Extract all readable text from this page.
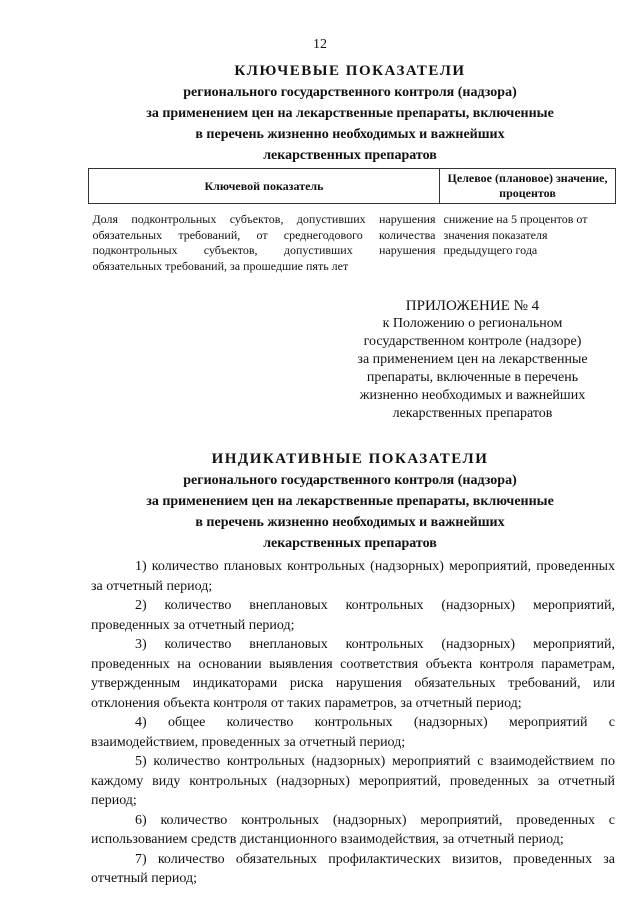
12
КЛЮЧЕВЫЕ ПОКАЗАТЕЛИ
регионального государственного контроля (надзора)
за применением цен на лекарственные препараты, включенные
в перечень жизненно необходимых и важнейших
лекарственных препаратов
Ключевой показатель	Целевое (плановое) значение, процентов
Доля подконтрольных субъектов, допустивших нарушения обязательных требований, от среднегодового количества подконтрольных субъектов, допустивших нарушения обязательных требований, за прошедшие пять лет	снижение на 5 процентов от значения показателя предыдущего года
ПРИЛОЖЕНИЕ № 4
к Положению о региональном
государственном контроле (надзоре)
за применением цен на лекарственные
препараты, включенные в перечень
жизненно необходимых и важнейших
лекарственных препаратов
ИНДИКАТИВНЫЕ ПОКАЗАТЕЛИ
регионального государственного контроля (надзора)
за применением цен на лекарственные препараты, включенные
в перечень жизненно необходимых и важнейших
лекарственных препаратов

1) количество плановых контрольных (надзорных) мероприятий, проведенных за отчетный период;

2) количество внеплановых контрольных (надзорных) мероприятий, проведенных за отчетный период;

3) количество внеплановых контрольных (надзорных) мероприятий, проведенных на основании выявления соответствия объекта контроля параметрам, утвержденным индикаторами риска нарушения обязательных требований, или отклонения объекта контроля от таких параметров, за отчетный период;

4) общее количество контрольных (надзорных) мероприятий с взаимодействием, проведенных за отчетный период;

5) количество контрольных (надзорных) мероприятий с взаимодействием по каждому виду контрольных (надзорных) мероприятий, проведенных за отчетный период;

6) количество контрольных (надзорных) мероприятий, проведенных с использованием средств дистанционного взаимодействия, за отчетный период;

7) количество обязательных профилактических визитов, проведенных за отчетный период;
